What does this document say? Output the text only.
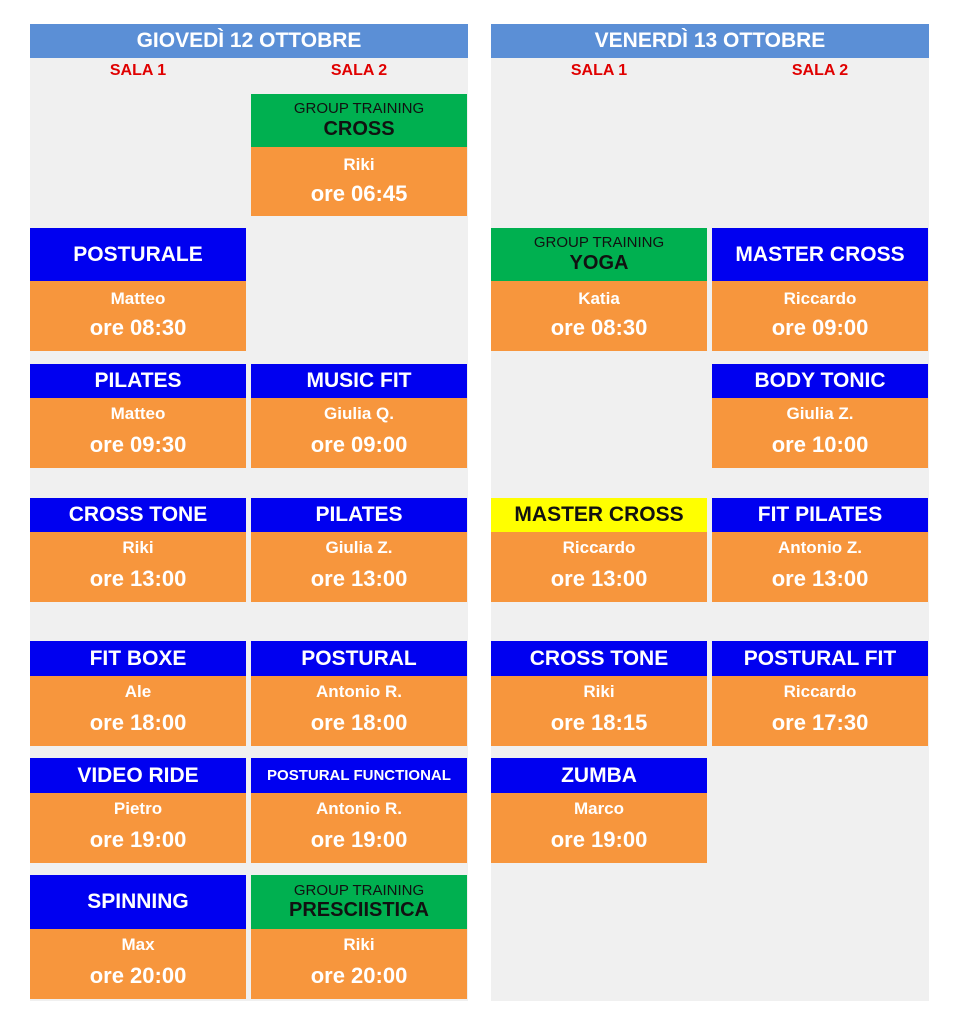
GIOVEDÌ 12 OTTOBRE
SALA 1	SALA 2
GROUP TRAINING
CROSS
Riki
ore 06:45
POSTURALE
Matteo
ore 08:30
PILATES
Matteo
ore 09:30
MUSIC FIT
Giulia Q.
ore 09:00
CROSS TONE
Riki
ore 13:00
PILATES
Giulia Z.
ore 13:00
FIT BOXE
Ale
ore 18:00
POSTURAL
Antonio R.
ore 18:00
VIDEO RIDE
Pietro
ore 19:00
POSTURAL FUNCTIONAL
Antonio R.
ore 19:00
SPINNING
Max
ore 20:00
GROUP TRAINING
PRESCIISTICA
Riki
ore 20:00
VENERDÌ 13 OTTOBRE
SALA 1	SALA 2
GROUP TRAINING
YOGA
Katia
ore 08:30
MASTER CROSS
Riccardo
ore 09:00
BODY TONIC
Giulia Z.
ore 10:00
MASTER CROSS
Riccardo
ore 13:00
FIT PILATES
Antonio Z.
ore 13:00
CROSS TONE
Riki
ore 18:15
POSTURAL FIT
Riccardo
ore 17:30
ZUMBA
Marco
ore 19:00
